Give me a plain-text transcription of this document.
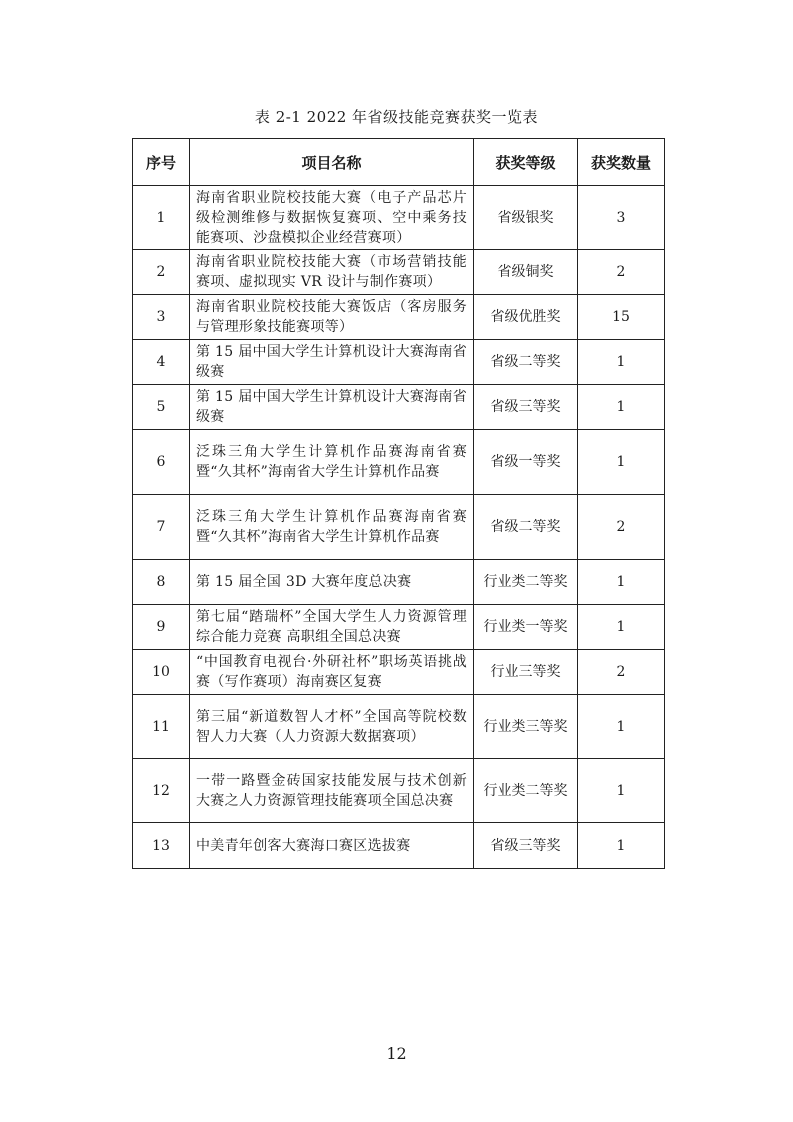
表 2-1 2022 年省级技能竞赛获奖一览表
序号	项目名称	获奖等级	获奖数量
1	海南省职业院校技能大赛（电子产品芯片级检测维修与数据恢复赛项、空中乘务技能赛项、沙盘模拟企业经营赛项）	省级银奖	3
2	海南省职业院校技能大赛（市场营销技能赛项、虚拟现实 VR 设计与制作赛项）	省级铜奖	2
3	海南省职业院校技能大赛饭店（客房服务与管理形象技能赛项等）	省级优胜奖	15
4	第 15 届中国大学生计算机设计大赛海南省级赛	省级二等奖	1
5	第 15 届中国大学生计算机设计大赛海南省级赛	省级三等奖	1
6	泛珠三角大学生计算机作品赛海南省赛暨“久其杯”海南省大学生计算机作品赛	省级一等奖	1
7	泛珠三角大学生计算机作品赛海南省赛暨“久其杯”海南省大学生计算机作品赛	省级二等奖	2
8	第 15 届全国 3D 大赛年度总决赛	行业类二等奖	1
9	第七届“踏瑞杯”全国大学生人力资源管理综合能力竞赛 高职组全国总决赛	行业类一等奖	1
10	“中国教育电视台·外研社杯”职场英语挑战赛（写作赛项）海南赛区复赛	行业三等奖	2
11	第三届“新道数智人才杯”全国高等院校数智人力大赛（人力资源大数据赛项）	行业类三等奖	1
12	一带一路暨金砖国家技能发展与技术创新大赛之人力资源管理技能赛项全国总决赛	行业类二等奖	1
13	中美青年创客大赛海口赛区选拔赛	省级三等奖	1
12
